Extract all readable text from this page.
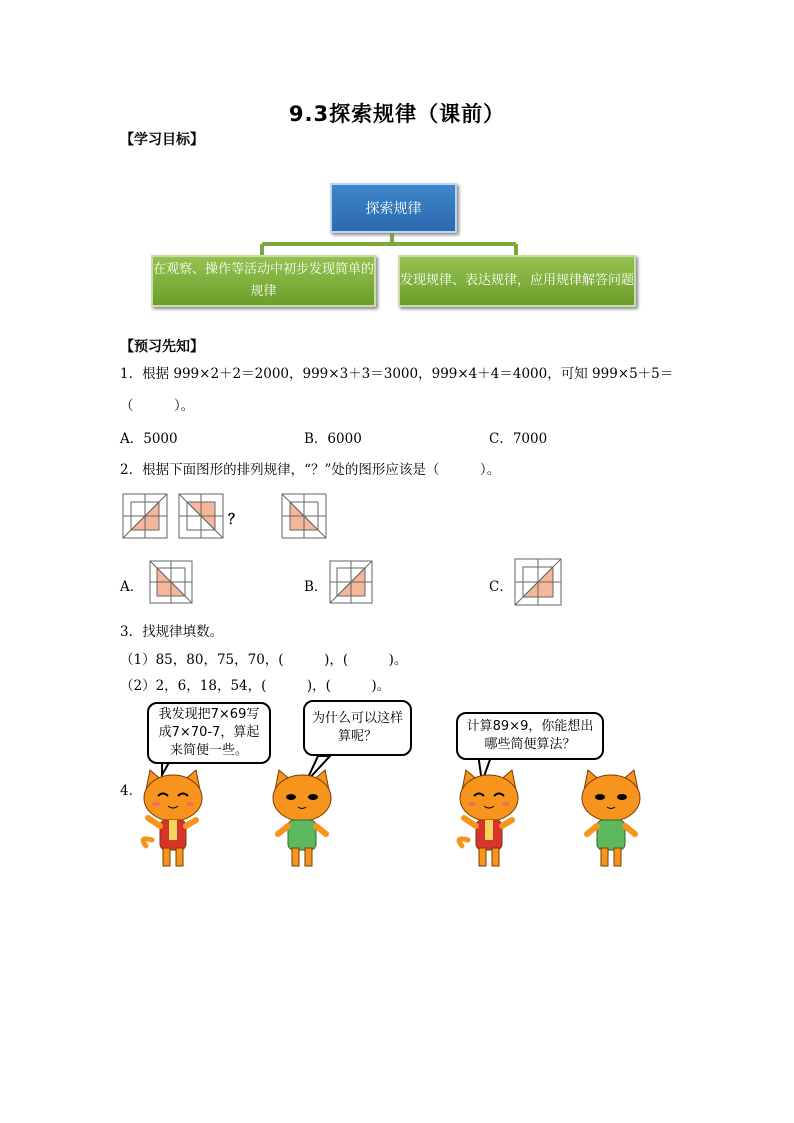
9.3探索规律（课前）
【学习目标】
探索规律
在观察、操作等活动中初步发现简单的规律
发现规律、表达规律，应用规律解答问题
【预习先知】
1．根据 999×2＋2＝2000，999×3＋3＝3000，999×4＋4＝4000，可知 999×5＋5＝
（　　　）。
A．5000	B．6000	C．7000
2．根据下面图形的排列规律，“？”处的图形应该是（　　　）。
？
A．	B．	C．
3．找规律填数。
（1）85，80，75，70，(　　　)，(　　　)。
（2）2，6，18，54，(　　　)，(　　　)。
4．
我发现把7×69写成7×70-7，算起来简便一些。
为什么可以这样算呢？
计算89×9，你能想出哪些简便算法？
